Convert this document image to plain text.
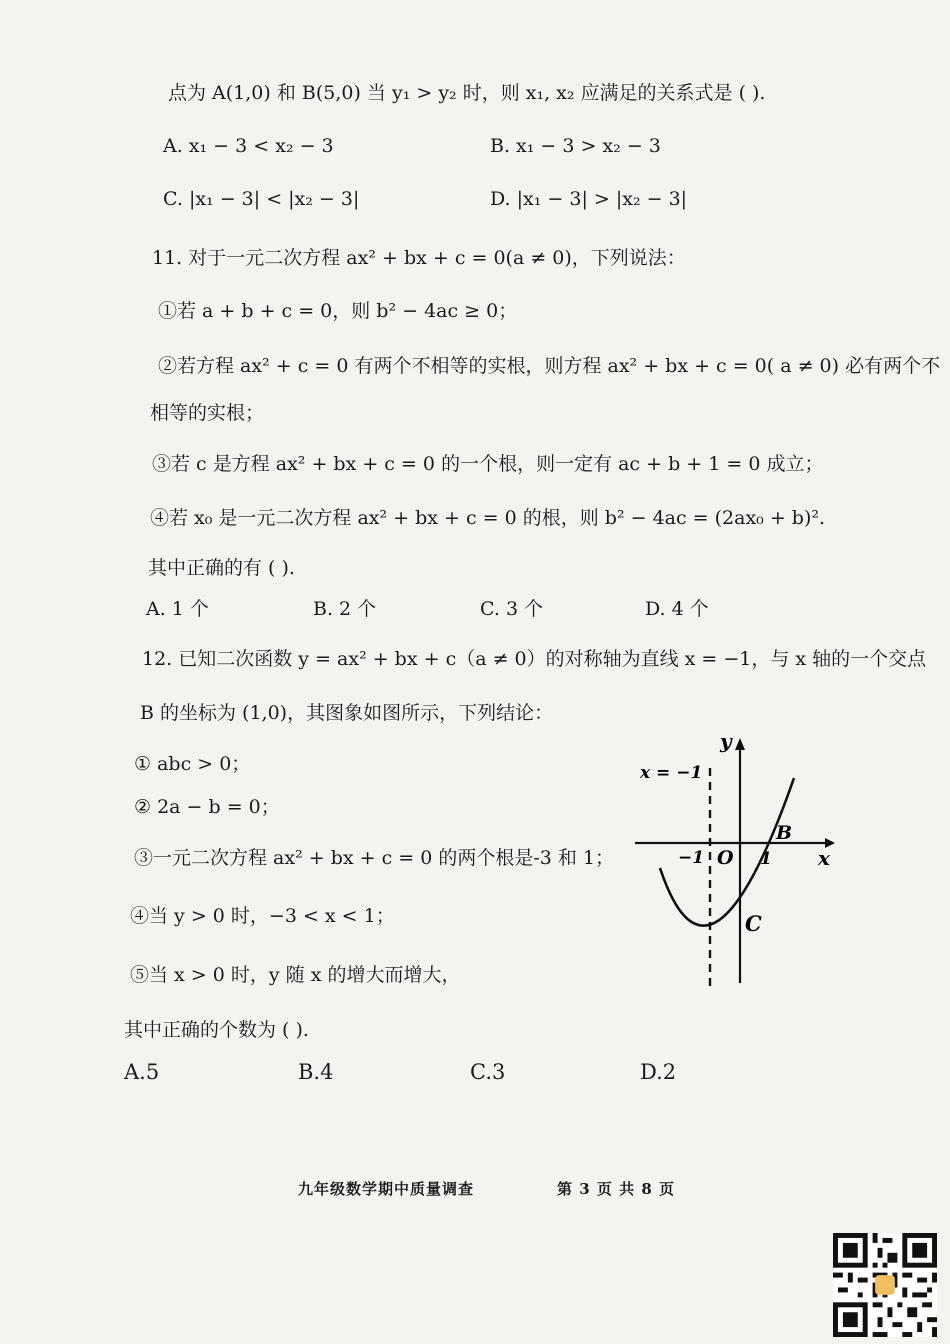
点为 A(1,0) 和 B(5,0) 当 y₁ > y₂ 时，则 x₁, x₂ 应满足的关系式是 ( ).
A. x₁ − 3 < x₂ − 3	B. x₁ − 3 > x₂ − 3
C. |x₁ − 3| < |x₂ − 3|	D. |x₁ − 3| > |x₂ − 3|
11. 对于一元二次方程 ax² + bx + c = 0(a ≠ 0)，下列说法：
①若 a + b + c = 0，则 b² − 4ac ≥ 0；
②若方程 ax² + c = 0 有两个不相等的实根，则方程 ax² + bx + c = 0( a ≠ 0) 必有两个不
相等的实根；
③若 c 是方程 ax² + bx + c = 0 的一个根，则一定有 ac + b + 1 = 0 成立；
④若 x₀ 是一元二次方程 ax² + bx + c = 0 的根，则 b² − 4ac = (2ax₀ + b)².
其中正确的有 ( ).
A. 1 个	B. 2 个	C. 3 个	D. 4 个
12. 已知二次函数 y = ax² + bx + c（a ≠ 0）的对称轴为直线 x = −1，与 x 轴的一个交点
B 的坐标为 (1,0)，其图象如图所示，下列结论：
① abc > 0；
② 2a − b = 0；
③一元二次方程 ax² + bx + c = 0 的两个根是-3 和 1；
④当 y > 0 时，−3 < x < 1；
⑤当 x > 0 时，y 随 x 的增大而增大，
其中正确的个数为 ( ).
A.5	B.4	C.3	D.2
y
x
x = −1
−1 O 1
B
C
九年级数学期中质量调查	第 3 页 共 8 页
